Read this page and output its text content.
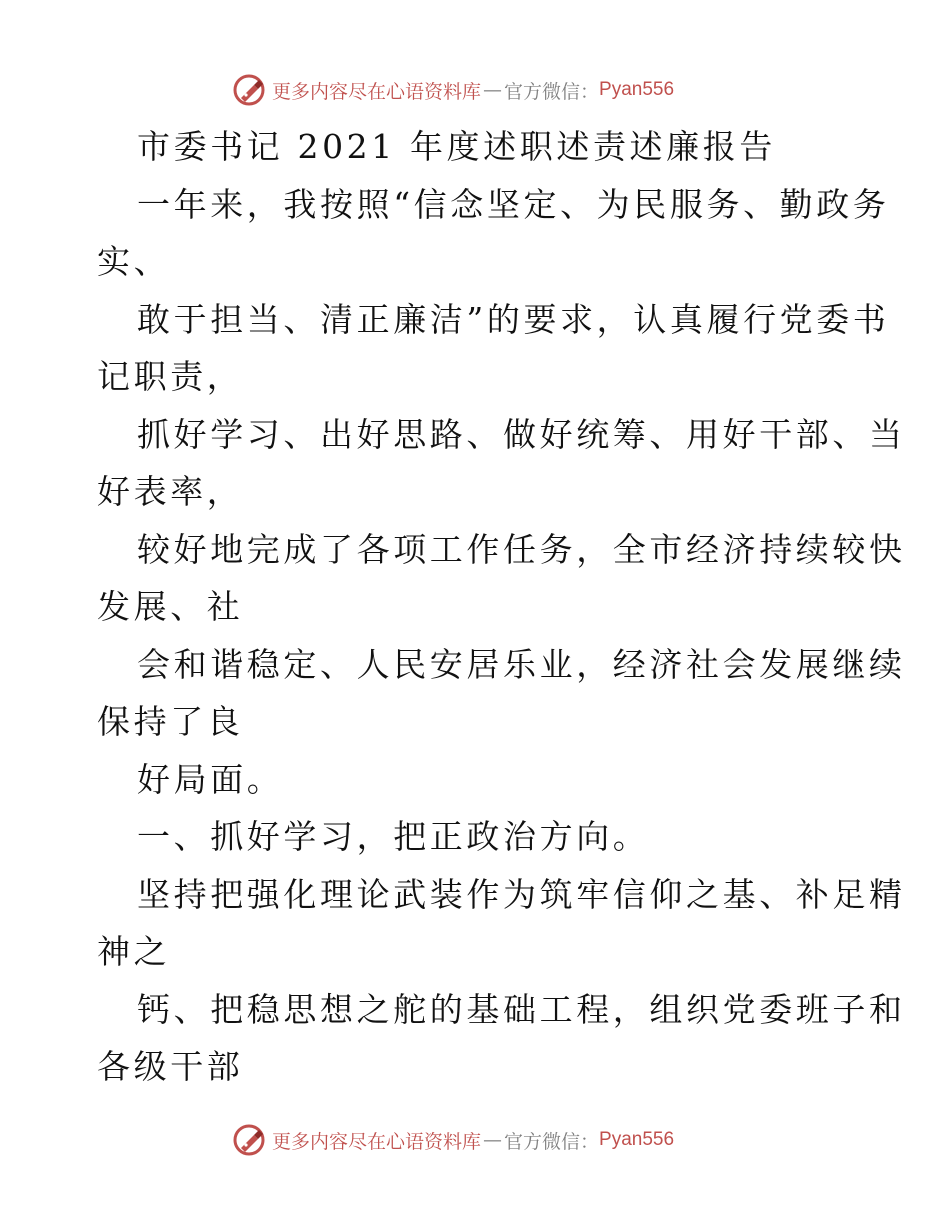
更多内容尽在心语资料库 — 官方微信： Pyan556
市委书记 2021 年度述职述责述廉报告
一年来，我按照“信念坚定、为民服务、勤政务
实、
敢于担当、清正廉洁”的要求，认真履行党委书
记职责，
抓好学习、出好思路、做好统筹、用好干部、当
好表率，
较好地完成了各项工作任务，全市经济持续较快
发展、社
会和谐稳定、人民安居乐业，经济社会发展继续
保持了良
好局面。
一、抓好学习，把正政治方向。
坚持把强化理论武装作为筑牢信仰之基、补足精
神之
钙、把稳思想之舵的基础工程，组织党委班子和
各级干部
更多内容尽在心语资料库 — 官方微信： Pyan556
